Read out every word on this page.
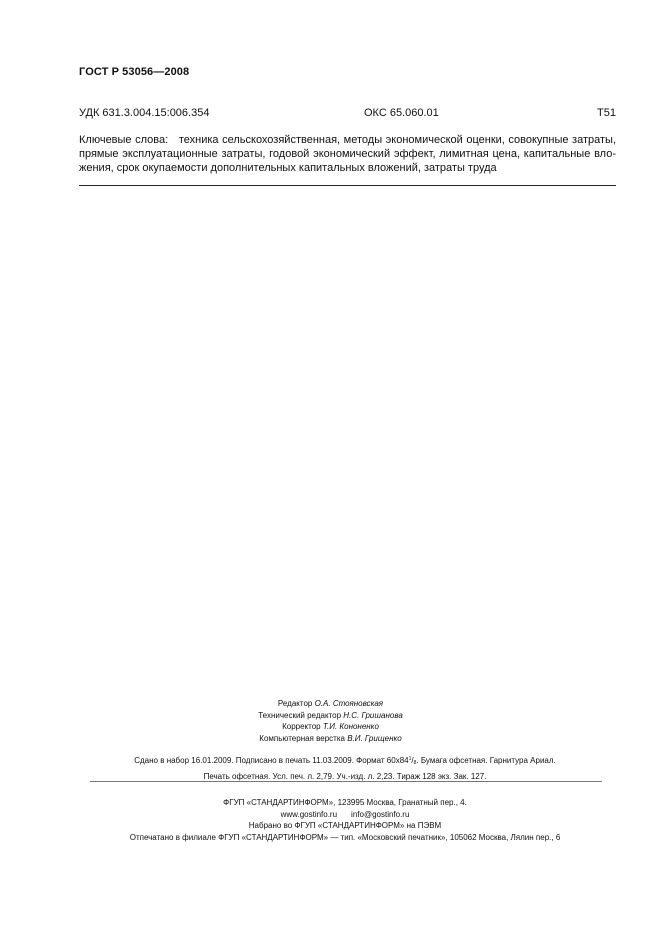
ГОСТ Р 53056—2008
УДК 631.3.004.15:006.354	ОКС 65.060.01	Т51
Ключевые слова: техника сельскохозяйственная, методы экономической оценки, совокупные затраты, прямые эксплуатационные затраты, годовой экономический эффект, лимитная цена, капитальные вло- жения, срок окупаемости дополнительных капитальных вложений, затраты труда
Редактор О.А. Стояновская
Технический редактор Н.С. Гришанова
Корректор Т.И. Кононенко
Компьютерная верстка В.И. Грищенко
Сдано в набор 16.01.2009. Подписано в печать 11.03.2009. Формат $60х84^1/_8$. Бумага офсетная. Гарнитура Ариал.
Печать офсетная. Усл. печ. л. 2,79. Уч.-изд. л. 2,23. Тираж 128 экз. Зак. 127.
ФГУП «СТАНДАРТИНФОРМ», 123995 Москва, Гранатный пер., 4.
www.gostinfo.ru info@gostinfo.ru
Набрано во ФГУП «СТАНДАРТИНФОРМ» на ПЭВМ
Отпечатано в филиале ФГУП «СТАНДАРТИНФОРМ» — тип. «Московский печатник», 105062 Москва, Лялин пер., 6
